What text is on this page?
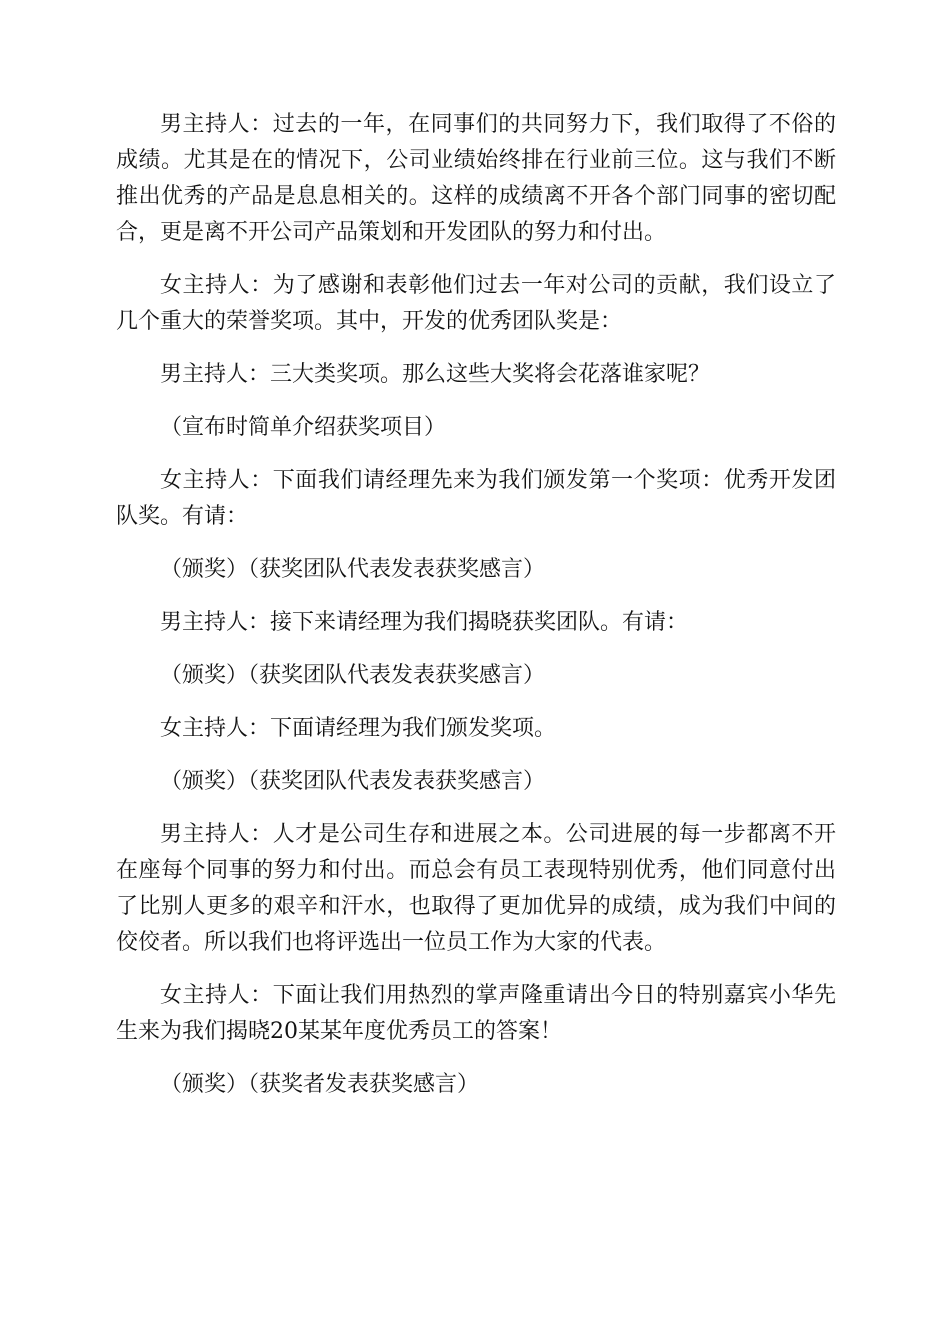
男主持人：过去的一年，在同事们的共同努力下，我们取得了不俗的成绩。尤其是在的情况下，公司业绩始终排在行业前三位。这与我们不断推出优秀的产品是息息相关的。这样的成绩离不开各个部门同事的密切配合，更是离不开公司产品策划和开发团队的努力和付出。

女主持人：为了感谢和表彰他们过去一年对公司的贡献，我们设立了几个重大的荣誉奖项。其中，开发的优秀团队奖是：

男主持人：三大类奖项。那么这些大奖将会花落谁家呢？

（宣布时简单介绍获奖项目）

女主持人：下面我们请经理先来为我们颁发第一个奖项：优秀开发团队奖。有请：

（颁奖）（获奖团队代表发表获奖感言）

男主持人：接下来请经理为我们揭晓获奖团队。有请：

（颁奖）（获奖团队代表发表获奖感言）

女主持人：下面请经理为我们颁发奖项。

（颁奖）（获奖团队代表发表获奖感言）

男主持人：人才是公司生存和进展之本。公司进展的每一步都离不开在座每个同事的努力和付出。而总会有员工表现特别优秀，他们同意付出了比别人更多的艰辛和汗水，也取得了更加优异的成绩，成为我们中间的佼佼者。所以我们也将评选出一位员工作为大家的代表。

女主持人：下面让我们用热烈的掌声隆重请出今日的特别嘉宾小华先生来为我们揭晓20某某年度优秀员工的答案！

（颁奖）（获奖者发表获奖感言）
